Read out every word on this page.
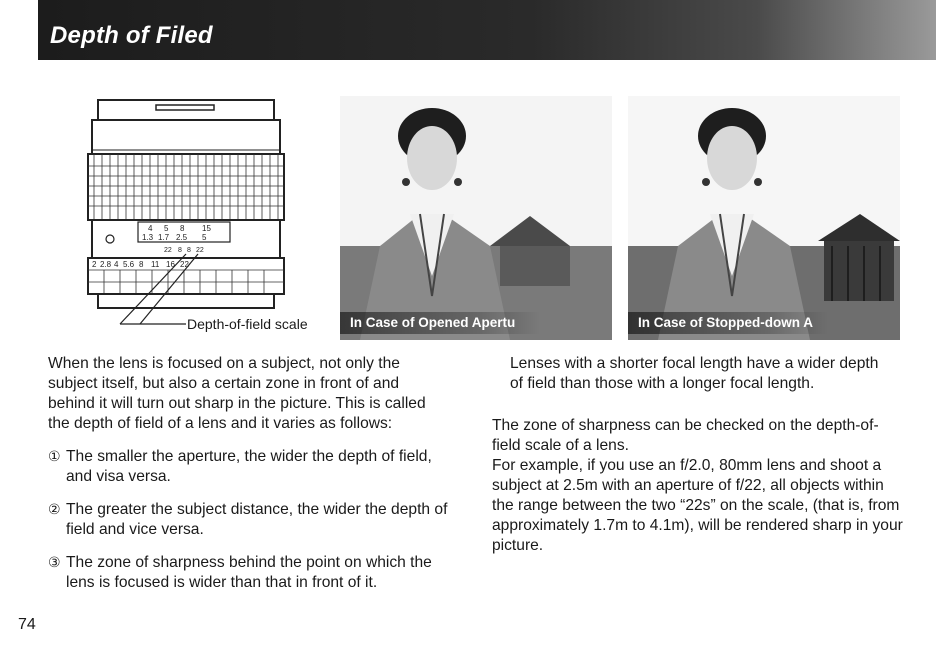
Depth of Filed
4 5 8 15
1.3 1.7 2.5 5
22 8 8 22
2 2.8 4 5.6 8 11 16 22
Depth-of-field scale	In Case of Opened Apertu	In Case of Stopped-down A

When the lens is focused on a subject, not only the subject itself, but also a certain zone in front of and behind it will turn out sharp in the picture. This is called the depth of field of a lens and it varies as follows:

① The smaller the aperture, the wider the depth of field, and visa versa.

② The greater the subject distance, the wider the depth of field and vice versa.

③ The zone of sharpness behind the point on which the lens is focused is wider than that in front of it.

Lenses with a shorter focal length have a wider depth of field than those with a longer focal length.

The zone of sharpness can be checked on the depth-of-field scale of a lens.

For example, if you use an f/2.0, 80mm lens and shoot a subject at 2.5m with an aperture of f/22, all objects within the range between the two “22s” on the scale, (that is, from approximately 1.7m to 4.1m), will be rendered sharp in your picture.

74
